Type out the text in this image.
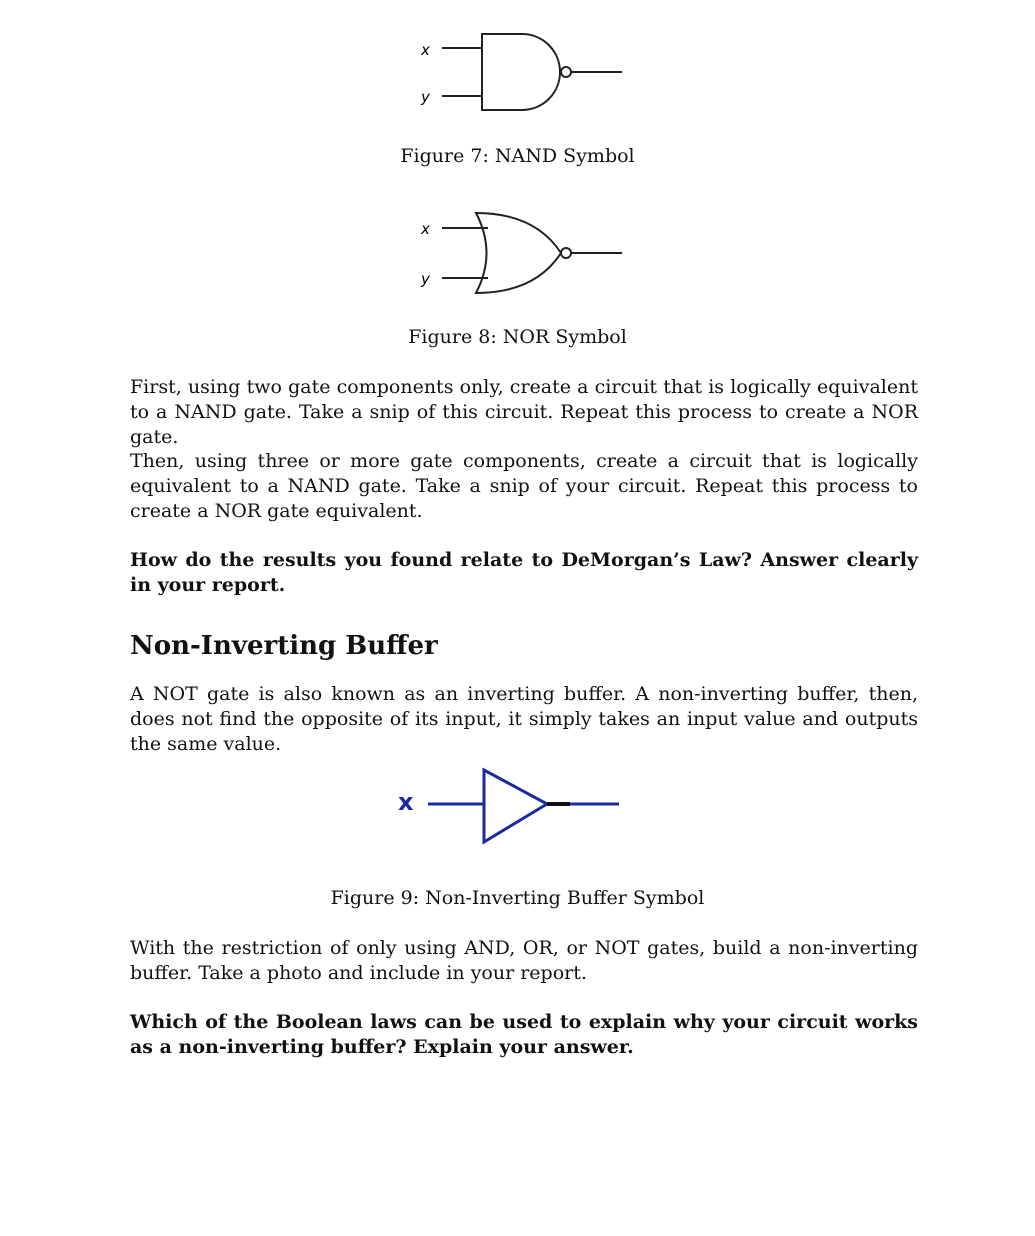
x
y
Figure 7: NAND Symbol
x
y
Figure 8: NOR Symbol

First, using two gate components only, create a circuit that is logically equivalent to a NAND gate. Take a snip of this circuit. Repeat this process to create a NOR gate.

Then, using three or more gate components, create a circuit that is logically equivalent to a NAND gate. Take a snip of your circuit. Repeat this process to create a NOR gate equivalent.

How do the results you found relate to DeMorgan’s Law? Answer clearly in your report.

Non-Inverting Buffer

A NOT gate is also known as an inverting buffer. A non-inverting buffer, then, does not find the opposite of its input, it simply takes an input value and outputs the same value.

x
Figure 9: Non-Inverting Buffer Symbol

With the restriction of only using AND, OR, or NOT gates, build a non-inverting buffer. Take a photo and include in your report.

Which of the Boolean laws can be used to explain why your circuit works as a non-inverting buffer? Explain your answer.
